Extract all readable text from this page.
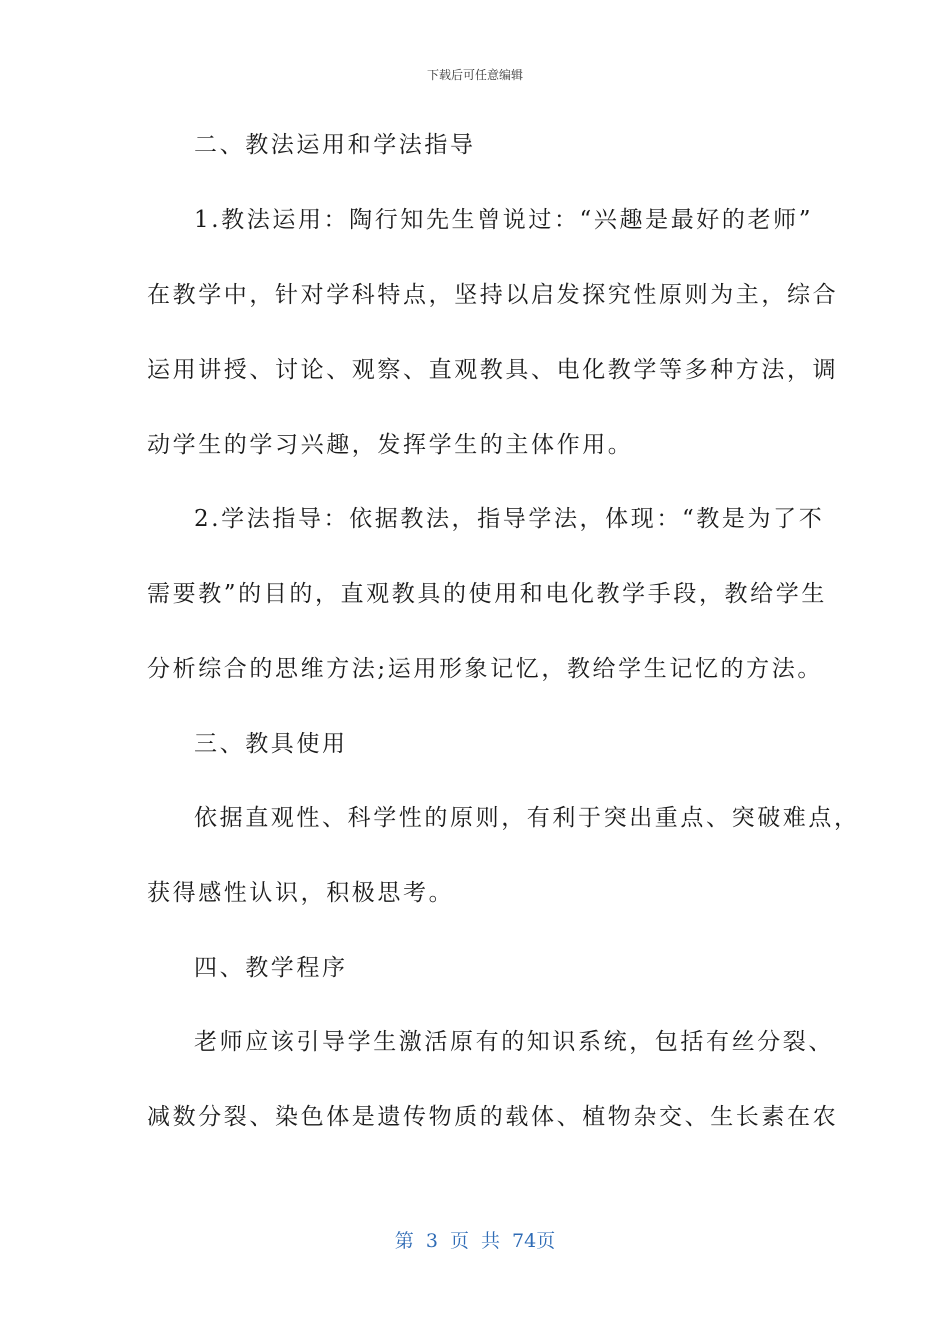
下载后可任意编辑
二、教法运用和学法指导
1.教法运用：陶行知先生曾说过：“兴趣是最好的老师”
在教学中，针对学科特点，坚持以启发探究性原则为主，综合
运用讲授、讨论、观察、直观教具、电化教学等多种方法，调
动学生的学习兴趣，发挥学生的主体作用。
2.学法指导：依据教法，指导学法，体现：“教是为了不
需要教”的目的，直观教具的使用和电化教学手段，教给学生
分析综合的思维方法;运用形象记忆，教给学生记忆的方法。
三、教具使用
依据直观性、科学性的原则，有利于突出重点、突破难点，
获得感性认识，积极思考。
四、教学程序
老师应该引导学生激活原有的知识系统，包括有丝分裂、
减数分裂、染色体是遗传物质的载体、植物杂交、生长素在农
第 3 页 共 74页
